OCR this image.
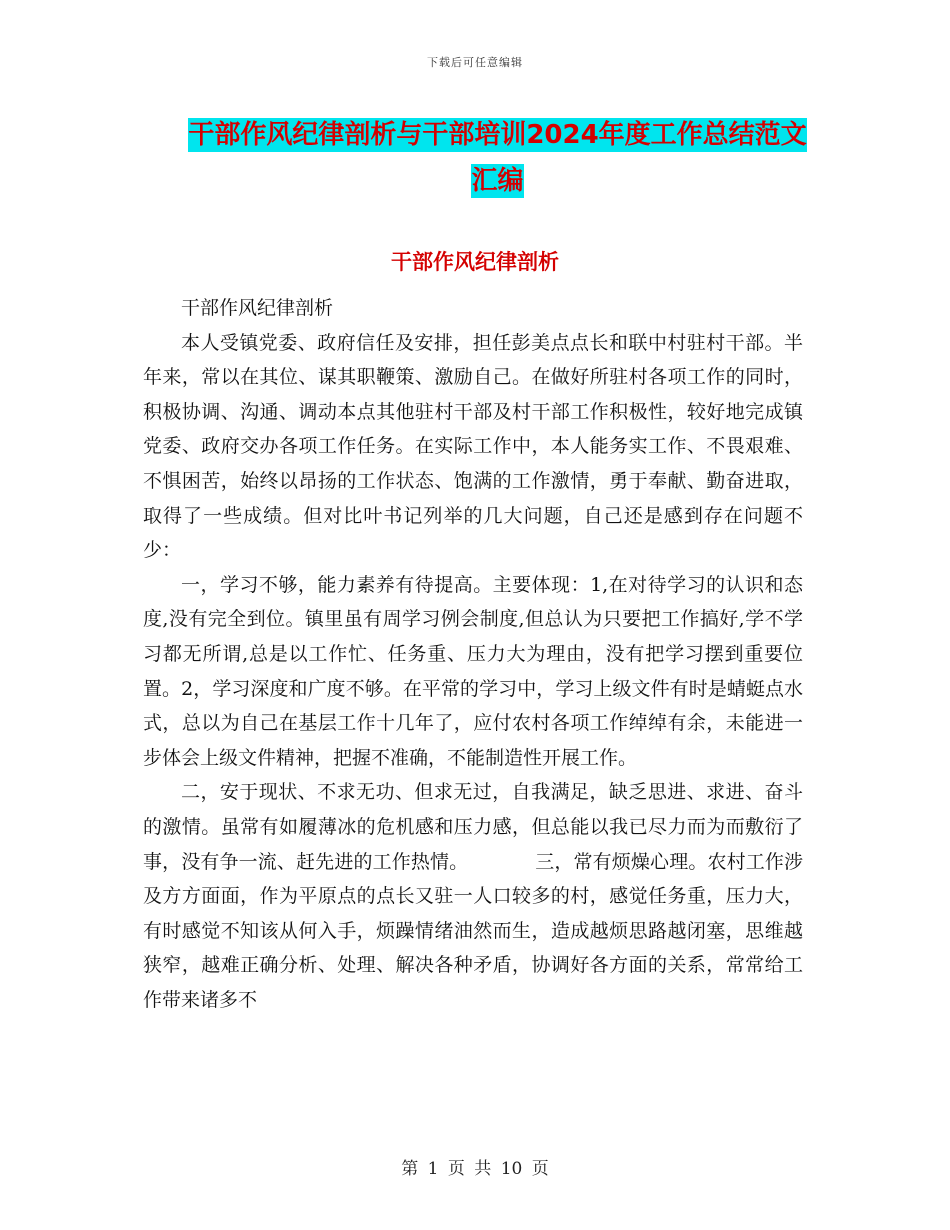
下载后可任意编辑
干部作风纪律剖析与干部培训2024年度工作总结范文
汇编
干部作风纪律剖析

干部作风纪律剖析

本人受镇党委、政府信任及安排，担任彭美点点长和联中村驻村干部。半年来，常以在其位、谋其职鞭策、激励自己。在做好所驻村各项工作的同时，积极协调、沟通、调动本点其他驻村干部及村干部工作积极性，较好地完成镇党委、政府交办各项工作任务。在实际工作中，本人能务实工作、不畏艰难、不惧困苦，始终以昂扬的工作状态、饱满的工作激情，勇于奉献、勤奋进取，取得了一些成绩。但对比叶书记列举的几大问题，自己还是感到存在问题不少：

一，学习不够，能力素养有待提高。主要体现：1,在对待学习的认识和态度,没有完全到位。镇里虽有周学习例会制度,但总认为只要把工作搞好,学不学习都无所谓,总是以工作忙、任务重、压力大为理由，没有把学习摆到重要位置。2，学习深度和广度不够。在平常的学习中，学习上级文件有时是蜻蜓点水式，总以为自己在基层工作十几年了，应付农村各项工作绰绰有余，未能进一步体会上级文件精神，把握不准确，不能制造性开展工作。

二，安于现状、不求无功、但求无过，自我满足，缺乏思进、求进、奋斗的激情。虽常有如履薄冰的危机感和压力感，但总能以我已尽力而为而敷衍了事，没有争一流、赶先进的工作热情。　　　　三，常有烦燥心理。农村工作涉及方方面面，作为平原点的点长又驻一人口较多的村，感觉任务重，压力大，有时感觉不知该从何入手，烦躁情绪油然而生，造成越烦思路越闭塞，思维越狭窄，越难正确分析、处理、解决各种矛盾，协调好各方面的关系，常常给工作带来诸多不

第 1 页 共 10 页
